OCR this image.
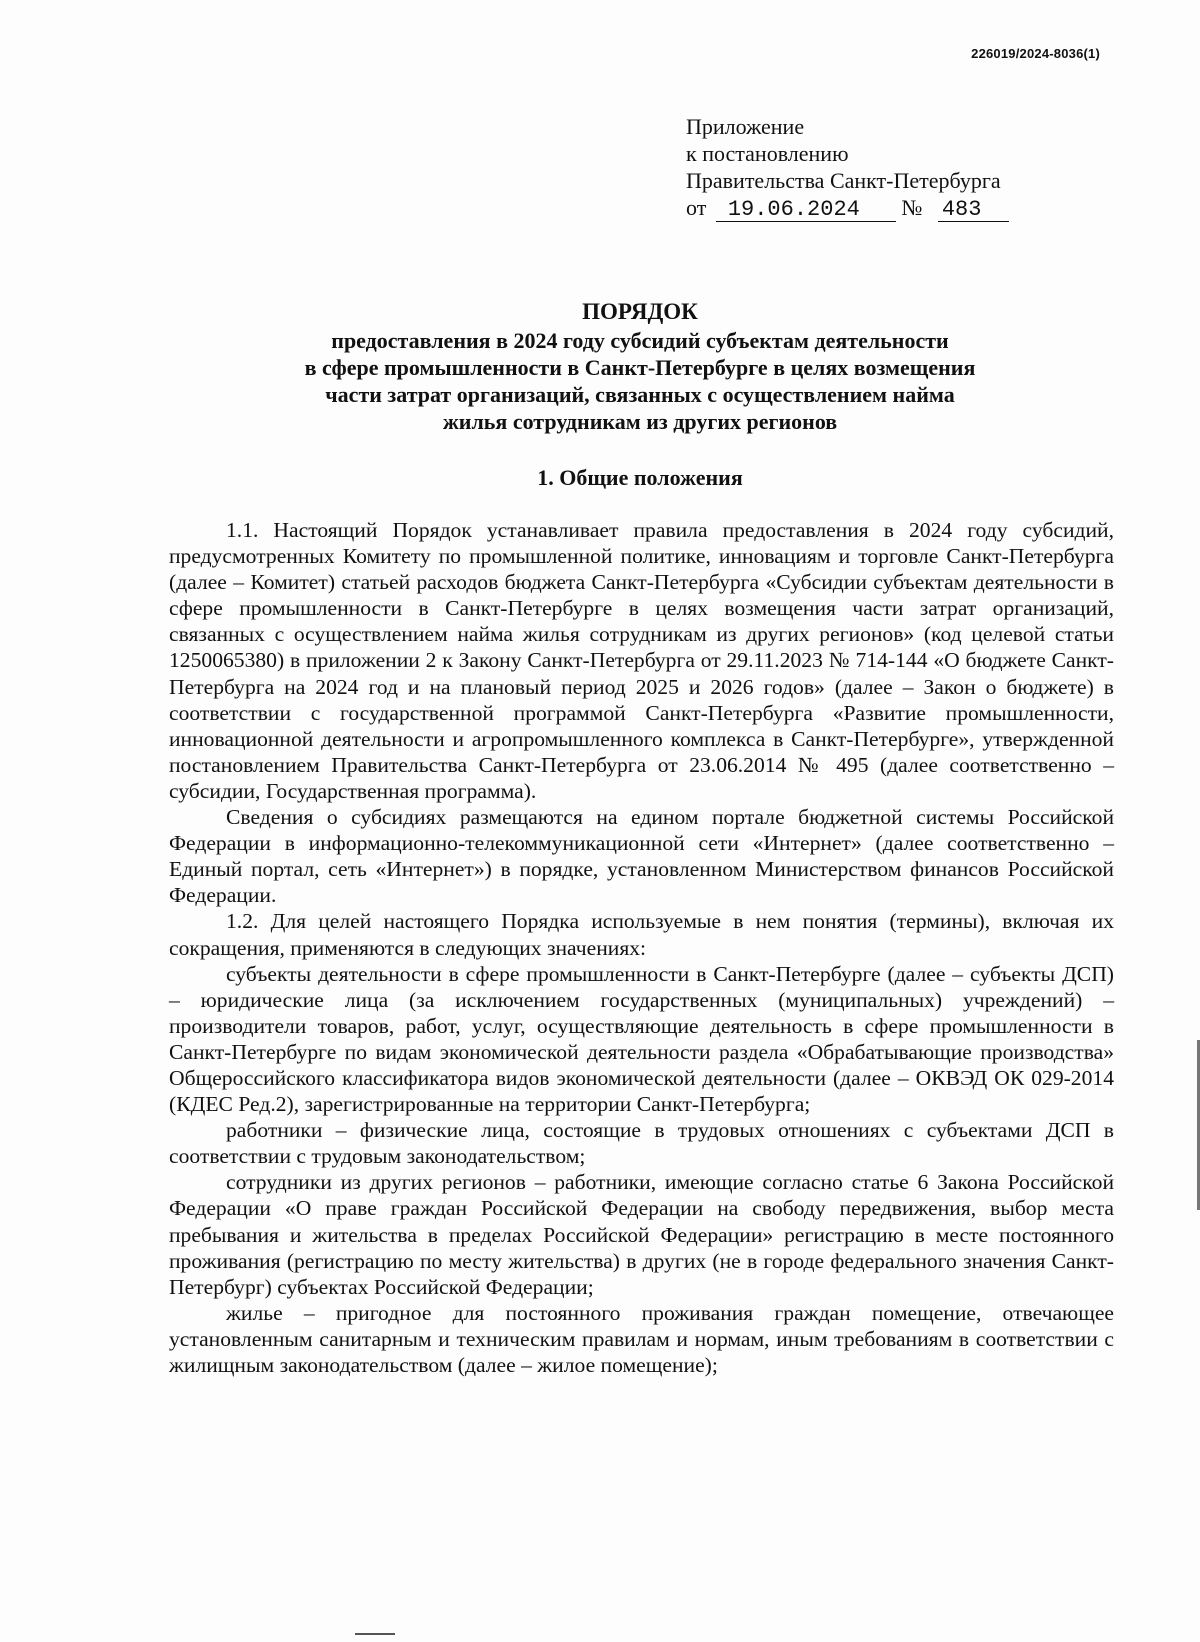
226019/2024-8036(1)
Приложение
к постановлению
Правительства Санкт-Петербурга
от 19.06.2024 № 483
ПОРЯДОК
предоставления в 2024 году субсидий субъектам деятельности
в сфере промышленности в Санкт-Петербурге в целях возмещения
части затрат организаций, связанных с осуществлением найма
жилья сотрудникам из других регионов
1. Общие положения

1.1. Настоящий Порядок устанавливает правила предоставления в 2024 году субсидий, предусмотренных Комитету по промышленной политике, инновациям и торговле Санкт-Петербурга (далее – Комитет) статьей расходов бюджета Санкт-Петербурга «Субсидии субъектам деятельности в сфере промышленности в Санкт-Петербурге в целях возмещения части затрат организаций, связанных с осуществлением найма жилья сотрудникам из других регионов» (код целевой статьи 1250065380) в приложении 2 к Закону Санкт-Петербурга от 29.11.2023 № 714-144 «О бюджете Санкт-Петербурга на 2024 год и на плановый период 2025 и 2026 годов» (далее – Закон о бюджете) в соответствии с государственной программой Санкт-Петербурга «Развитие промышленности, инновационной деятельности и агропромышленного комплекса в Санкт-Петербурге», утвержденной постановлением Правительства Санкт-Петербурга от 23.06.2014 № 495 (далее соответственно – субсидии, Государственная программа).

Сведения о субсидиях размещаются на едином портале бюджетной системы Российской Федерации в информационно-телекоммуникационной сети «Интернет» (далее соответственно – Единый портал, сеть «Интернет») в порядке, установленном Министерством финансов Российской Федерации.

1.2. Для целей настоящего Порядка используемые в нем понятия (термины), включая их сокращения, применяются в следующих значениях:

субъекты деятельности в сфере промышленности в Санкт-Петербурге (далее – субъекты ДСП) – юридические лица (за исключением государственных (муниципальных) учреждений) – производители товаров, работ, услуг, осуществляющие деятельность в сфере промышленности в Санкт-Петербурге по видам экономической деятельности раздела «Обрабатывающие производства» Общероссийского классификатора видов экономической деятельности (далее – ОКВЭД ОК 029-2014 (КДЕС Ред.2), зарегистрированные на территории Санкт-Петербурга;

работники – физические лица, состоящие в трудовых отношениях с субъектами ДСП в соответствии с трудовым законодательством;

сотрудники из других регионов – работники, имеющие согласно статье 6 Закона Российской Федерации «О праве граждан Российской Федерации на свободу передвижения, выбор места пребывания и жительства в пределах Российской Федерации» регистрацию в месте постоянного проживания (регистрацию по месту жительства) в других (не в городе федерального значения Санкт-Петербург) субъектах Российской Федерации;

жилье – пригодное для постоянного проживания граждан помещение, отвечающее установленным санитарным и техническим правилам и нормам, иным требованиям в соответствии с жилищным законодательством (далее – жилое помещение);
